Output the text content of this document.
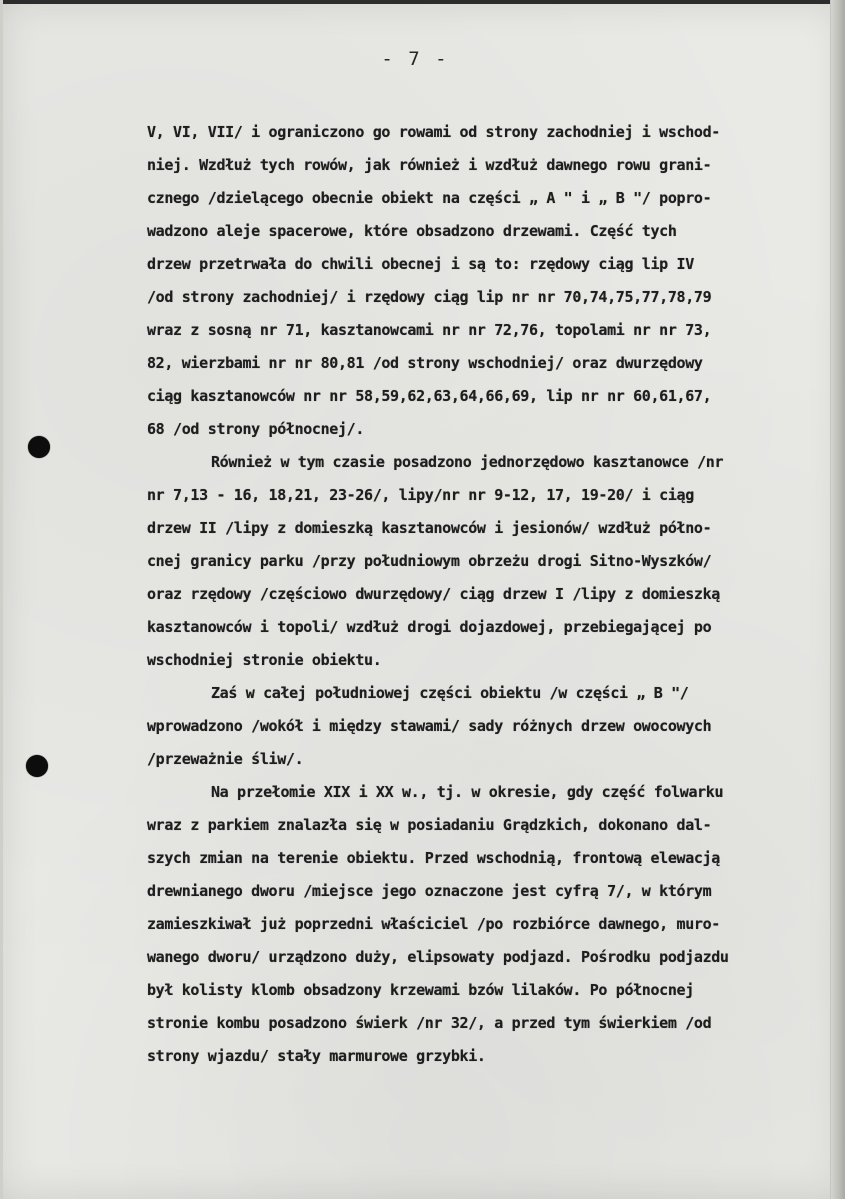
- 7 -
V, VI, VII/ i ograniczono go rowami od strony zachodniej i wschod-
niej. Wzdłuż tych rowów, jak również i wzdłuż dawnego rowu grani-
cznego /dzielącego obecnie obiekt na części „ A " i „ B "/ popro-
wadzono aleje spacerowe, które obsadzono drzewami. Część tych
drzew przetrwała do chwili obecnej i są to: rzędowy ciąg lip IV
/od strony zachodniej/ i rzędowy ciąg lip nr nr 70,74,75,77,78,79
wraz z sosną nr 71, kasztanowcami nr nr 72,76, topolami nr nr 73,
82, wierzbami nr nr 80,81 /od strony wschodniej/ oraz dwurzędowy
ciąg kasztanowców nr nr 58,59,62,63,64,66,69, lip nr nr 60,61,67,
68 /od strony północnej/.
Również w tym czasie posadzono jednorzędowo kasztanowce /nr
nr 7,13 - 16, 18,21, 23-26/, lipy/nr nr 9-12, 17, 19-20/ i ciąg
drzew II /lipy z domieszką kasztanowców i jesionów/ wzdłuż półno-
cnej granicy parku /przy południowym obrzeżu drogi Sitno-Wyszków/
oraz rzędowy /częściowo dwurzędowy/ ciąg drzew I /lipy z domieszką
kasztanowców i topoli/ wzdłuż drogi dojazdowej, przebiegającej po
wschodniej stronie obiektu.
Zaś w całej południowej części obiektu /w części „ B "/
wprowadzono /wokół i między stawami/ sady różnych drzew owocowych
/przeważnie śliw/.
Na przełomie XIX i XX w., tj. w okresie, gdy część folwarku
wraz z parkiem znalazła się w posiadaniu Grądzkich, dokonano dal-
szych zmian na terenie obiektu. Przed wschodnią, frontową elewacją
drewnianego dworu /miejsce jego oznaczone jest cyfrą 7/, w którym
zamieszkiwał już poprzedni właściciel /po rozbiórce dawnego, muro-
wanego dworu/ urządzono duży, elipsowaty podjazd. Pośrodku podjazdu
był kolisty klomb obsadzony krzewami bzów lilaków. Po północnej
stronie kombu posadzono świerk /nr 32/, a przed tym świerkiem /od
strony wjazdu/ stały marmurowe grzybki.
